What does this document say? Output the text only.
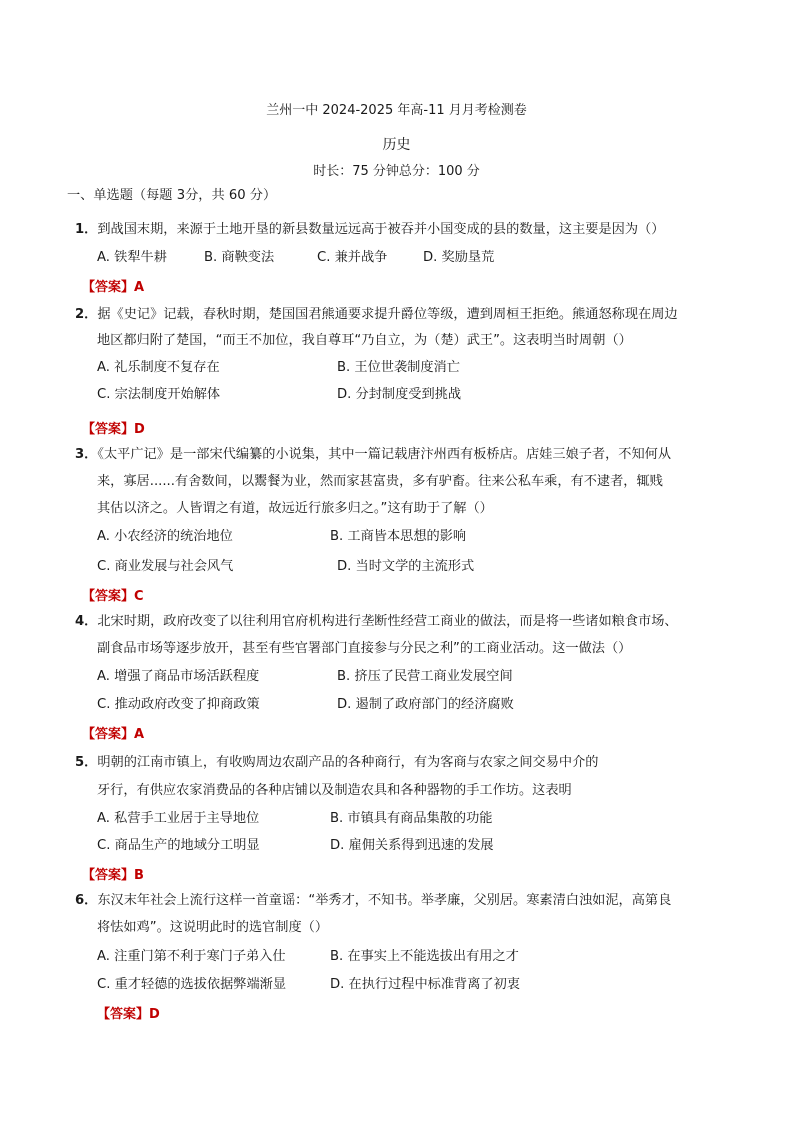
兰州一中 2024-2025 年高-11 月月考检测卷
历史
时长：75 分钟总分：100 分
一、单选题（每题 3分，共 60 分）
1．到战国末期，来源于土地开垦的新县数量远远高于被吞并小国变成的县的数量，这主要是因为（）
A. 铁犁牛耕	B. 商鞅变法	C. 兼并战争	D. 奖励垦荒
【答案】A
2．据《史记》记载，春秋时期，楚国国君熊通要求提升爵位等级，遭到周桓王拒绝。熊通怒称现在周边
地区都归附了楚国，“而王不加位，我自尊耳“乃自立，为（楚）武王”。这表明当时周朝（）
A. 礼乐制度不复存在	B. 王位世袭制度消亡
C. 宗法制度开始解体	D. 分封制度受到挑战
【答案】D
3．《太平广记》是一部宋代编纂的小说集，其中一篇记载唐汴州西有板桥店。店娃三娘子者，不知何从
来，寡居......有舍数间，以鬻餐为业，然而家甚富贵，多有驴畜。往来公私车乘，有不逮者，辄贱
其估以济之。人皆谓之有道，故远近行旅多归之。”这有助于了解（）
A. 小农经济的统治地位	B. 工商皆本思想的影响
C. 商业发展与社会风气	D. 当时文学的主流形式
【答案】C
4．北宋时期，政府改变了以往利用官府机构进行垄断性经营工商业的做法，而是将一些诸如粮食市场、
副食品市场等逐步放开，甚至有些官署部门直接参与分民之利”的工商业活动。这一做法（）
A. 增强了商品市场活跃程度	B. 挤压了民营工商业发展空间
C. 推动政府改变了抑商政策	D. 遏制了政府部门的经济腐败
【答案】A
5．明朝的江南市镇上，有收购周边农副产品的各种商行，有为客商与农家之间交易中介的
牙行，有供应农家消费品的各种店铺以及制造农具和各种器物的手工作坊。这表明
A. 私营手工业居于主导地位	B. 市镇具有商品集散的功能
C. 商品生产的地域分工明显	D. 雇佣关系得到迅速的发展
【答案】B
6．东汉末年社会上流行这样一首童谣：“举秀才，不知书。举孝廉，父别居。寒素清白浊如泥，高第良
将怯如鸡”。这说明此时的选官制度（）
A. 注重门第不利于寒门子弟入仕	B. 在事实上不能选拔出有用之才
C. 重才轻德的选拔依据弊端渐显	D. 在执行过程中标准背离了初衷
【答案】D
